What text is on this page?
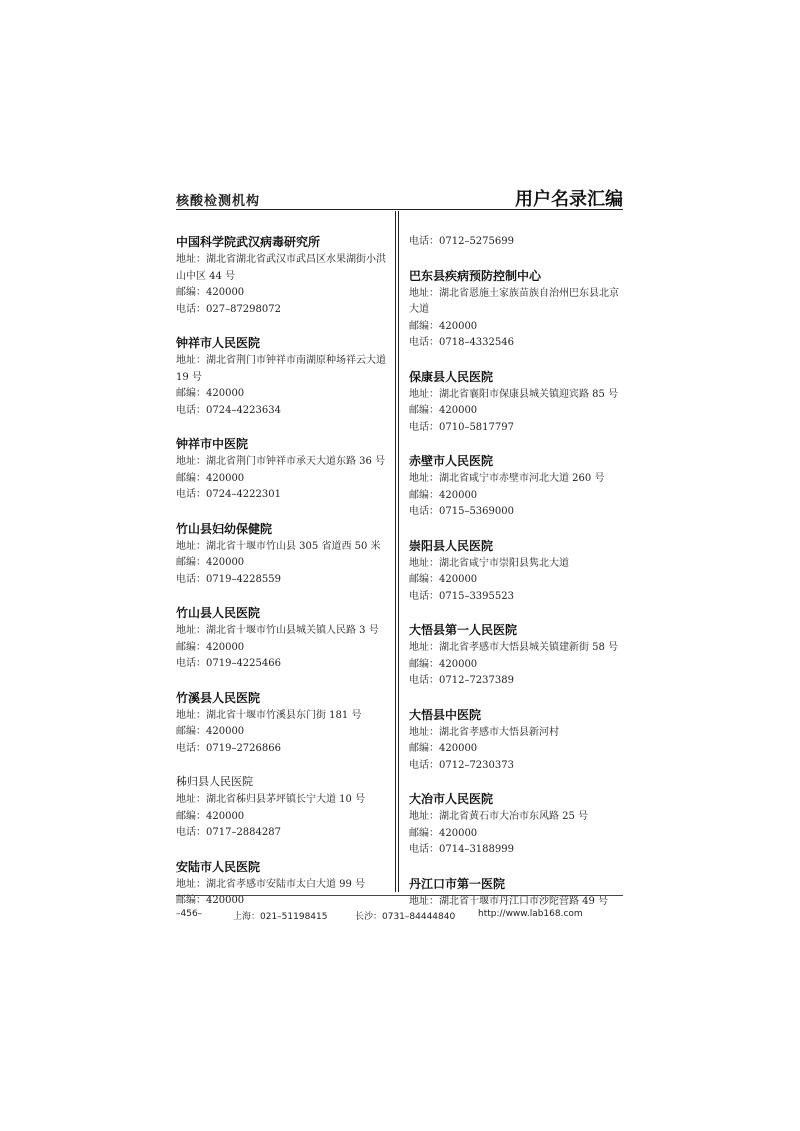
核酸检测机构	用户名录汇编
中国科学院武汉病毒研究所
地址：湖北省湖北省武汉市武昌区水果湖街小洪山中区 44 号
邮编：420000
电话：027–87298072
钟祥市人民医院
地址：湖北省荆门市钟祥市南湖原种场祥云大道 19 号
邮编：420000
电话：0724–4223634
钟祥市中医院
地址：湖北省荆门市钟祥市承天大道东路 36 号
邮编：420000
电话：0724–4222301
竹山县妇幼保健院
地址：湖北省十堰市竹山县 305 省道西 50 米
邮编：420000
电话：0719–4228559
竹山县人民医院
地址：湖北省十堰市竹山县城关镇人民路 3 号
邮编：420000
电话：0719–4225466
竹溪县人民医院
地址：湖北省十堰市竹溪县东门街 181 号
邮编：420000
电话：0719–2726866
秭归县人民医院
地址：湖北省秭归县茅坪镇长宁大道 10 号
邮编：420000
电话：0717–2884287
安陆市人民医院
地址：湖北省孝感市安陆市太白大道 99 号
邮编：420000
电话：0712–5275699
巴东县疾病预防控制中心
地址：湖北省恩施土家族苗族自治州巴东县北京大道
邮编：420000
电话：0718–4332546
保康县人民医院
地址：湖北省襄阳市保康县城关镇迎宾路 85 号
邮编：420000
电话：0710–5817797
赤壁市人民医院
地址：湖北省咸宁市赤壁市河北大道 260 号
邮编：420000
电话：0715–5369000
崇阳县人民医院
地址：湖北省咸宁市崇阳县隽北大道
邮编：420000
电话：0715–3395523
大悟县第一人民医院
地址：湖北省孝感市大悟县城关镇建新街 58 号
邮编：420000
电话：0712–7237389
大悟县中医院
地址：湖北省孝感市大悟县新河村
邮编：420000
电话：0712–7230373
大冶市人民医院
地址：湖北省黄石市大冶市东风路 25 号
邮编：420000
电话：0714–3188999
丹江口市第一医院
地址：湖北省十堰市丹江口市沙陀营路 49 号
–456–	上海：021–51198415	长沙：0731–84444840	http://www.lab168.com
